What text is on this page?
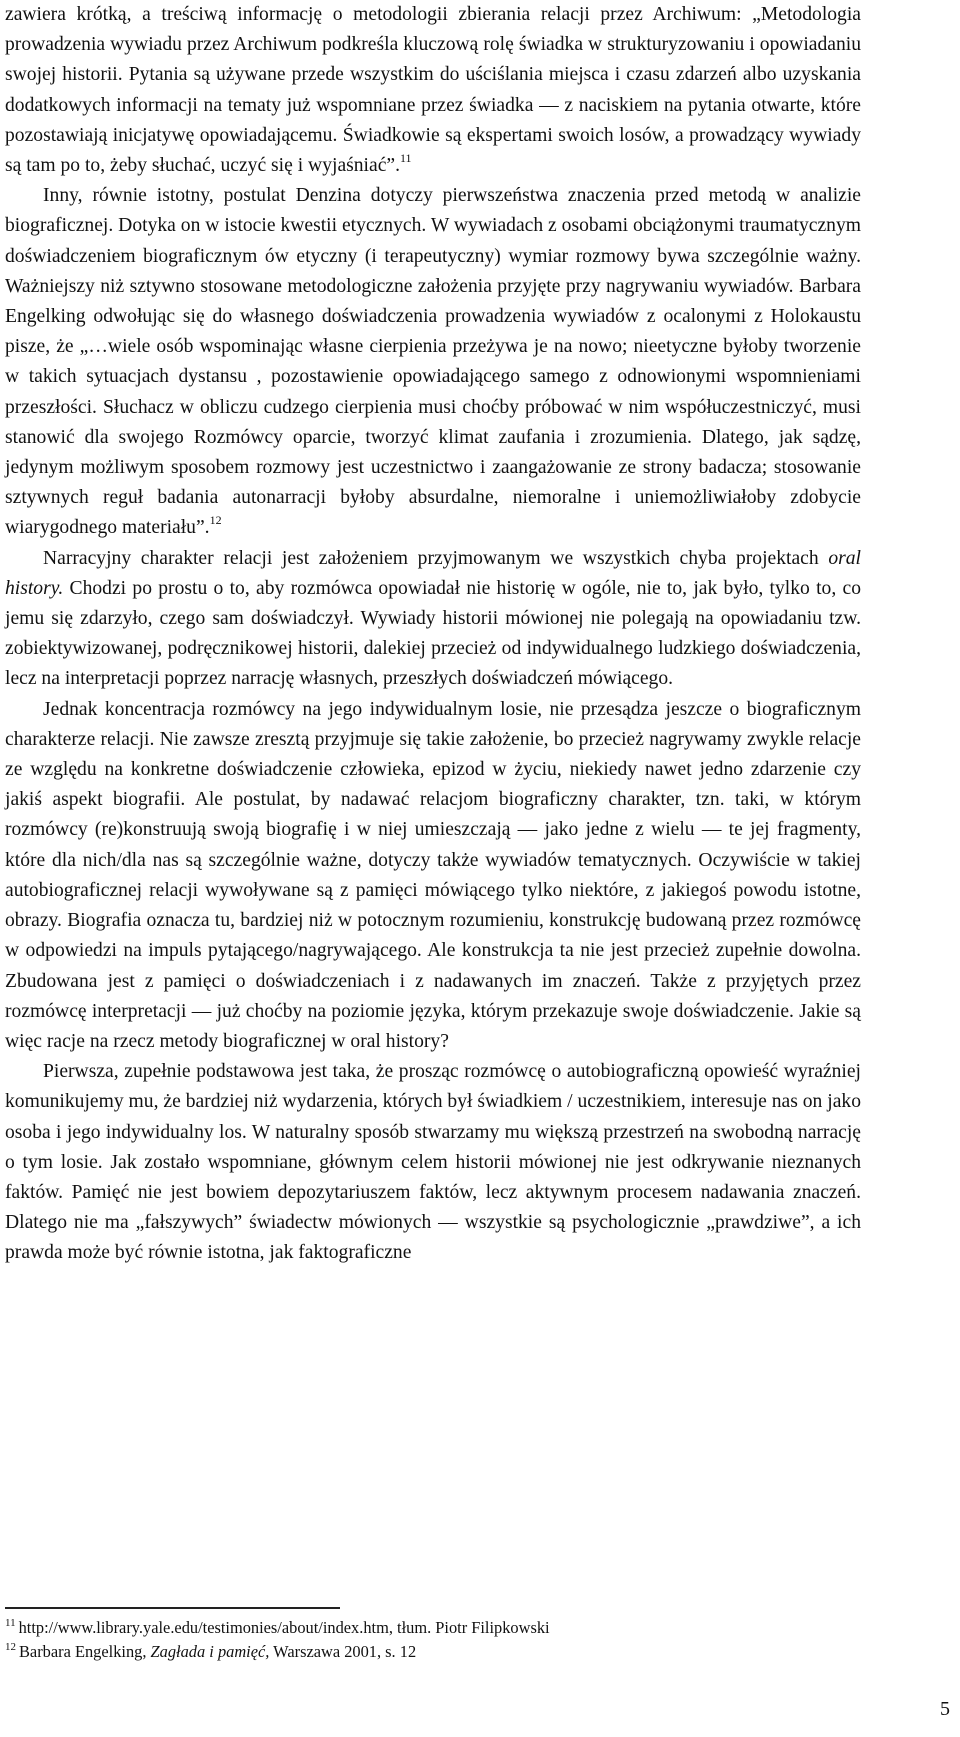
zawiera krótką, a treściwą informację o metodologii zbierania relacji przez Archiwum: „Metodologia prowadzenia wywiadu przez Archiwum podkreśla kluczową rolę świadka w strukturyzowaniu i opowiadaniu swojej historii. Pytania są używane przede wszystkim do uściślania miejsca i czasu zdarzeń albo uzyskania dodatkowych informacji na tematy już wspomniane przez świadka ― z naciskiem na pytania otwarte, które pozostawiają inicjatywę opowiadającemu. Świadkowie są ekspertami swoich losów, a prowadzący wywiady są tam po to, żeby słuchać, uczyć się i wyjaśniać”.$^{11}$

Inny, równie istotny, postulat Denzina dotyczy pierwszeństwa znaczenia przed metodą w analizie biograficznej. Dotyka on w istocie kwestii etycznych. W wywiadach z osobami obciążonymi traumatycznym doświadczeniem biograficznym ów etyczny (i terapeutyczny) wymiar rozmowy bywa szczególnie ważny. Ważniejszy niż sztywno stosowane metodologiczne założenia przyjęte przy nagrywaniu wywiadów. Barbara Engelking odwołując się do własnego doświadczenia prowadzenia wywiadów z ocalonymi z Holokaustu pisze, że „…wiele osób wspominając własne cierpienia przeżywa je na nowo; nieetyczne byłoby tworzenie w takich sytuacjach dystansu , pozostawienie opowiadającego samego z odnowionymi wspomnieniami przeszłości. Słuchacz w obliczu cudzego cierpienia musi choćby próbować w nim współuczestniczyć, musi stanowić dla swojego Rozmówcy oparcie, tworzyć klimat zaufania i zrozumienia. Dlatego, jak sądzę, jedynym możliwym sposobem rozmowy jest uczestnictwo i zaangażowanie ze strony badacza; stosowanie sztywnych reguł badania autonarracji byłoby absurdalne, niemoralne i uniemożliwiałoby zdobycie wiarygodnego materiału”.$^{12}$

Narracyjny charakter relacji jest założeniem przyjmowanym we wszystkich chyba projektach oral history. Chodzi po prostu o to, aby rozmówca opowiadał nie historię w ogóle, nie to, jak było, tylko to, co jemu się zdarzyło, czego sam doświadczył. Wywiady historii mówionej nie polegają na opowiadaniu tzw. zobiektywizowanej, podręcznikowej historii, dalekiej przecież od indywidualnego ludzkiego doświadczenia, lecz na interpretacji poprzez narrację własnych, przeszłych doświadczeń mówiącego.

Jednak koncentracja rozmówcy na jego indywidualnym losie, nie przesądza jeszcze o biograficznym charakterze relacji. Nie zawsze zresztą przyjmuje się takie założenie, bo przecież nagrywamy zwykle relacje ze względu na konkretne doświadczenie człowieka, epizod w życiu, niekiedy nawet jedno zdarzenie czy jakiś aspekt biografii. Ale postulat, by nadawać relacjom biograficzny charakter, tzn. taki, w którym rozmówcy (re)konstruują swoją biografię i w niej umieszczają ― jako jedne z wielu ― te jej fragmenty, które dla nich/dla nas są szczególnie ważne, dotyczy także wywiadów tematycznych. Oczywiście w takiej autobiograficznej relacji wywoływane są z pamięci mówiącego tylko niektóre, z jakiegoś powodu istotne, obrazy. Biografia oznacza tu, bardziej niż w potocznym rozumieniu, konstrukcję budowaną przez rozmówcę w odpowiedzi na impuls pytającego/nagrywającego. Ale konstrukcja ta nie jest przecież zupełnie dowolna. Zbudowana jest z pamięci o doświadczeniach i z nadawanych im znaczeń. Także z przyjętych przez rozmówcę interpretacji ― już choćby na poziomie języka, którym przekazuje swoje doświadczenie. Jakie są więc racje na rzecz metody biograficznej w oral history?

Pierwsza, zupełnie podstawowa jest taka, że prosząc rozmówcę o autobiograficzną opowieść wyraźniej komunikujemy mu, że bardziej niż wydarzenia, których był świadkiem / uczestnikiem, interesuje nas on jako osoba i jego indywidualny los. W naturalny sposób stwarzamy mu większą przestrzeń na swobodną narrację o tym losie. Jak zostało wspomniane, głównym celem historii mówionej nie jest odkrywanie nieznanych faktów. Pamięć nie jest bowiem depozytariuszem faktów, lecz aktywnym procesem nadawania znaczeń. Dlatego nie ma „fałszywych” świadectw mówionych ― wszystkie są psychologicznie „prawdziwe”, a ich prawda może być równie istotna, jak faktograficzne

$^{11}$ http://www.library.yale.edu/testimonies/about/index.htm, tłum. Piotr Filipkowski

$^{12}$ Barbara Engelking, Zagłada i pamięć, Warszawa 2001, s. 12

5
